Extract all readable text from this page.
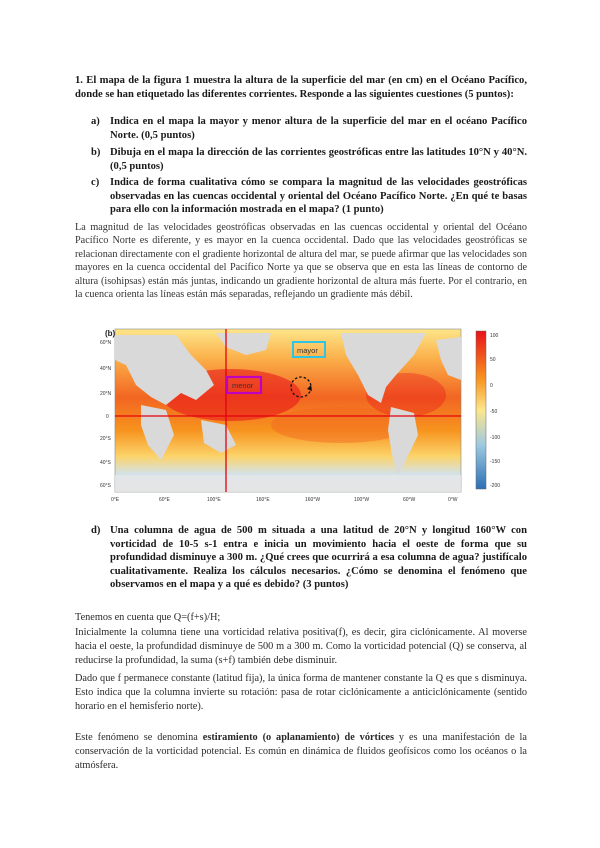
1. El mapa de la figura 1 muestra la altura de la superficie del mar (en cm) en el Océano Pacífico, donde se han etiquetado las diferentes corrientes. Responde a las siguientes cuestiones (5 puntos):

a) Indica en el mapa la mayor y menor altura de la superficie del mar en el océano Pacífico Norte. (0,5 puntos)
b) Dibuja en el mapa la dirección de las corrientes geostróficas entre las latitudes 10°N y 40°N. (0,5 puntos)
c)	Indica de forma cualitativa cómo se compara la magnitud de las velocidades geostróficas observadas en las cuencas occidental y oriental del Océano Pacífico Norte. ¿En qué te basas para ello con la información mostrada en el mapa? (1 punto)

La magnitud de las velocidades geostróficas observadas en las cuencas occidental y oriental del Océano Pacífico Norte es diferente, y es mayor en la cuenca occidental. Dado que las velocidades geostróficas se relacionan directamente con el gradiente horizontal de altura del mar, se puede afirmar que las velocidades son mayores en la cuenca occidental del Pacífico Norte ya que se observa que en esta las líneas de contorno de altura (isohipsas) están más juntas, indicando un gradiente horizontal de altura más fuerte. Por el contrario, en la cuenca orienta las líneas están más separadas, reflejando un gradiente más débil.

mayor
menor
(b)
60°N
40°N
20°N
0
20°S
40°S
60°S
0°E	60°E	100°E	160°E	160°W	100°W	60°W	0°W
100
50
0
-50
-100
-150
-200
d) Una columna de agua de 500 m situada a una latitud de 20°N y longitud 160°W con vorticidad de 10-5 s-1 entra e inicia un movimiento hacia el oeste de forma que su profundidad disminuye a 300 m. ¿Qué crees que ocurrirá a esa columna de agua? justifícalo cualitativamente. Realiza los cálculos necesarios. ¿Cómo se denomina el fenómeno que observamos en el mapa y a qué es debido? (3 puntos)

Tenemos en cuenta que Q=(f+s)/H;

Inicialmente la columna tiene una vorticidad relativa positiva(f), es decir, gira ciclónicamente. Al moverse hacia el oeste, la profundidad disminuye de 500 m a 300 m. Como la vorticidad potencial (Q) se conserva, al reducirse la profundidad, la suma (s+f) también debe disminuir.

Dado que f permanece constante (latitud fija), la única forma de mantener constante la Q es que s disminuya. Esto indica que la columna invierte su rotación: pasa de rotar ciclónicamente a anticiclónicamente (sentido horario en el hemisferio norte).

Este fenómeno se denomina estiramiento (o aplanamiento) de vórtices y es una manifestación de la conservación de la vorticidad potencial. Es común en dinámica de fluidos geofísicos como los océanos o la atmósfera.
